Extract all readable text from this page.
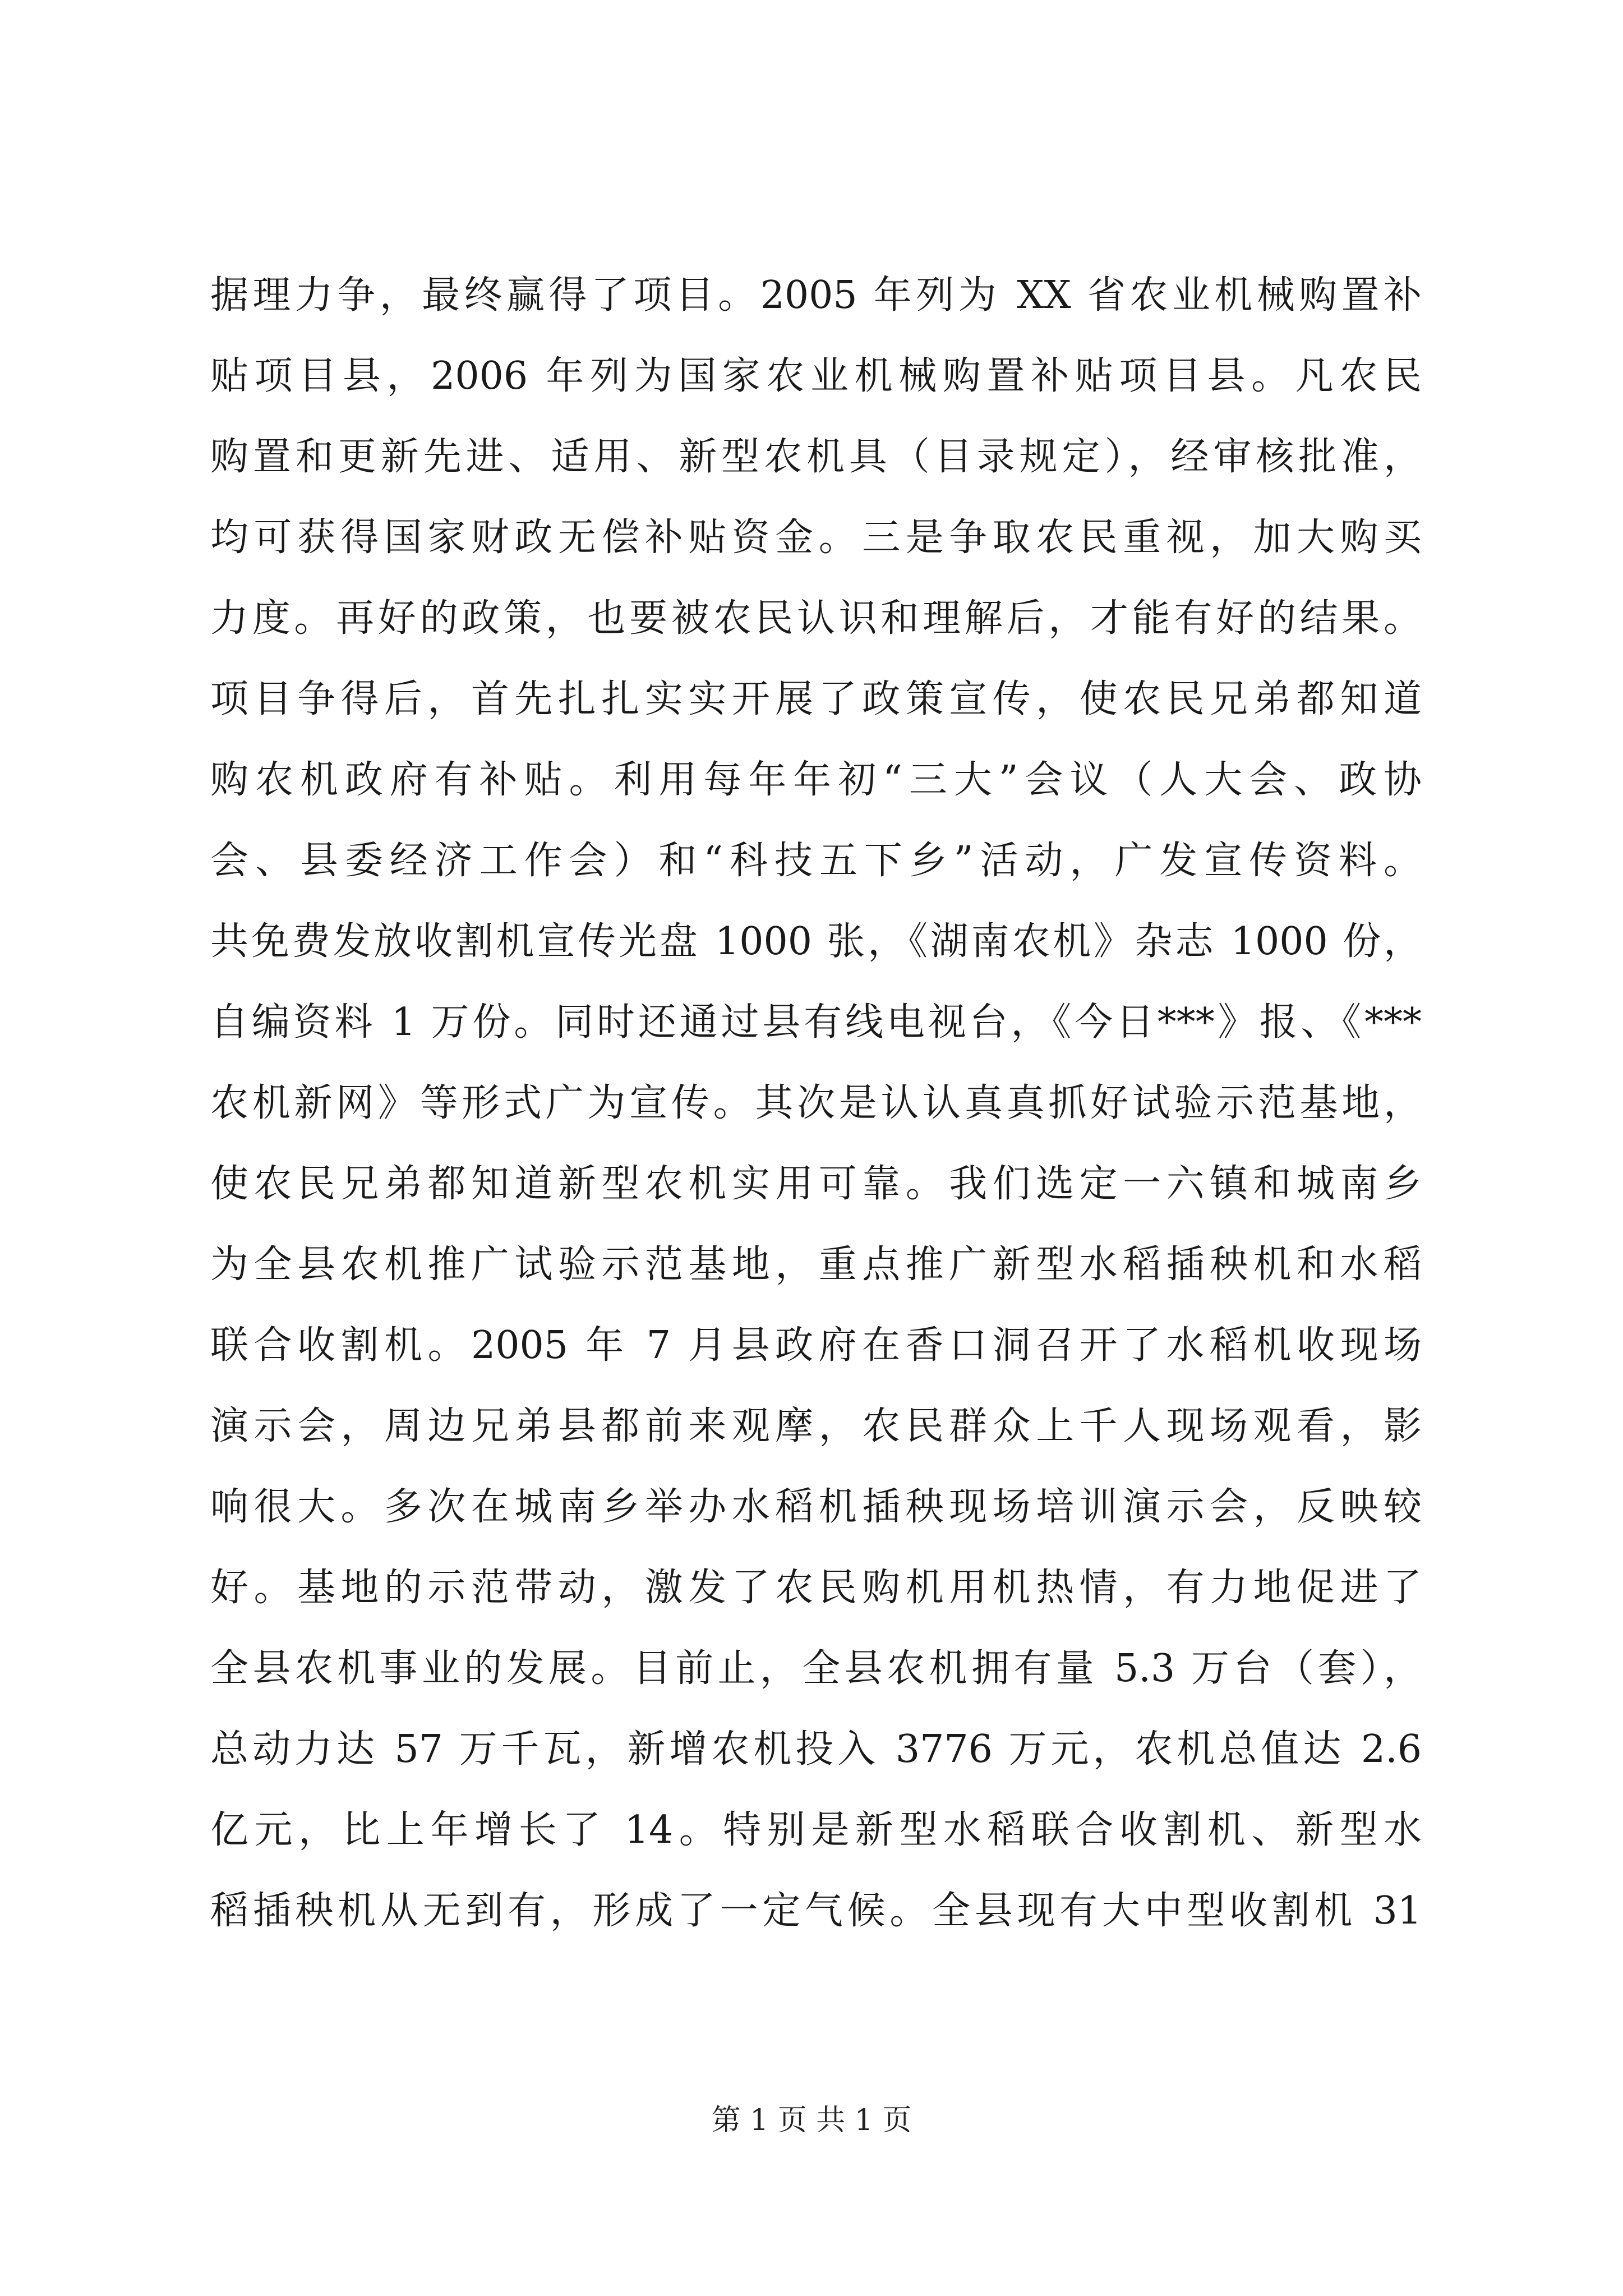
据理力争，最终赢得了项目。2005 年列为 XX 省农业机械购置补
贴项目县，2006 年列为国家农业机械购置补贴项目县。凡农民
购置和更新先进、适用、新型农机具（目录规定），经审核批准，
均可获得国家财政无偿补贴资金。三是争取农民重视，加大购买
力度。再好的政策，也要被农民认识和理解后，才能有好的结果。
项目争得后，首先扎扎实实开展了政策宣传，使农民兄弟都知道
购农机政府有补贴。利用每年年初“三大”会议（人大会、政协
会、县委经济工作会）和“科技五下乡”活动，广发宣传资料。
共免费发放收割机宣传光盘 1000 张，《湖南农机》杂志 1000 份，
自编资料 1 万份。同时还通过县有线电视台，《今日***》报、《***
农机新网》等形式广为宣传。其次是认认真真抓好试验示范基地，
使农民兄弟都知道新型农机实用可靠。我们选定一六镇和城南乡
为全县农机推广试验示范基地，重点推广新型水稻插秧机和水稻
联合收割机。2005 年 7 月县政府在香口洞召开了水稻机收现场
演示会，周边兄弟县都前来观摩，农民群众上千人现场观看，影
响很大。多次在城南乡举办水稻机插秧现场培训演示会，反映较
好。基地的示范带动，激发了农民购机用机热情，有力地促进了
全县农机事业的发展。目前止，全县农机拥有量 5.3 万台（套），
总动力达 57 万千瓦，新增农机投入 3776 万元，农机总值达 2.6
亿元，比上年增长了 14。特别是新型水稻联合收割机、新型水
稻插秧机从无到有，形成了一定气候。全县现有大中型收割机 31
第 1 页 共 1 页
